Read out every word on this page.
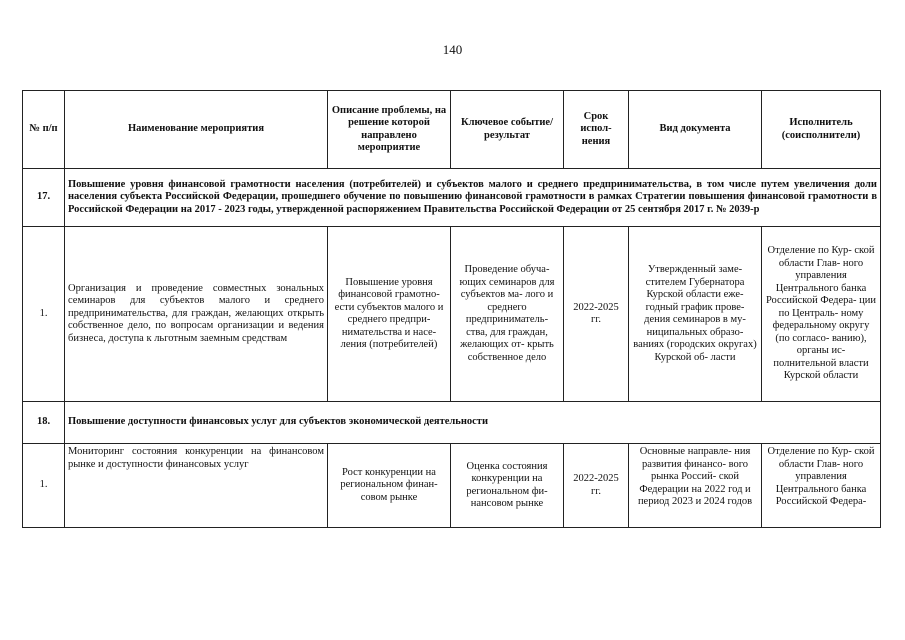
140
№ п/п	Наименование мероприятия	Описание проблемы, на решение которой направлено мероприятие	Ключевое событие/ результат	Срок испол- нения	Вид документа	Исполнитель (соисполнители)
17.	Повышение уровня финансовой грамотности населения (потребителей) и субъектов малого и среднего предпринимательства, в том числе путем увеличения доли населения субъекта Российской Федерации, прошедшего обучение по повышению финансовой грамотности в рамках Стратегии повышения финансовой грамотности в Российской Федерации на 2017 - 2023 годы, утвержденной распоряжением Правительства Российской Федерации от 25 сентября 2017 г. № 2039-р					
1.	Организация и проведение совместных зональных семинаров для субъектов малого и среднего предпринимательства, для граждан, желающих открыть собственное дело, по вопросам организации и ведения бизнеса, доступа к льготным заемным средствам	Повышение уровня финансовой грамотно- ести субъектов малого и среднего предпри- нимательства и насе- ления (потребителей)	Проведение обуча- ющих семинаров для субъектов ма- лого и среднего предприниматель- ства, для граждан, желающих от- крыть собственное дело	2022-2025 гг.	Утвержденный заме- стителем Губернатора Курской области еже- годный график прове- дения семинаров в му- ниципальных образо- ваниях (городских округах) Курской об- ласти	Отделение по Кур- ской области Глав- ного управления Центрального банка Российской Федера- ции по Централь- ному федеральному округу (по согласо- ванию), органы ис- полнительной власти Курской области
18.	Повышение доступности финансовых услуг для субъектов экономической деятельности					
1.	Мониторинг состояния конкуренции на финансовом рынке и доступности финансовых услуг	Рост конкуренции на региональном финан- совом рынке	Оценка состояния конкуренции на региональном фи- нансовом рынке	2022-2025 гг.	Основные направле- ния развития финансо- вого рынка Россий- ской Федерации на 2022 год и период 2023 и 2024 годов	Отделение по Кур- ской области Глав- ного управления Центрального банка Российской Федера-
